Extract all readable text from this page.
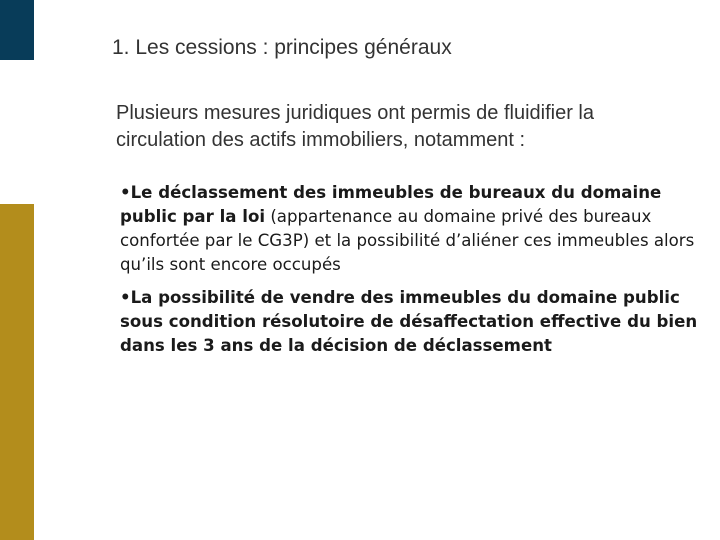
1. Les cessions : principes généraux
Plusieurs mesures juridiques ont permis de fluidifier la
circulation des actifs immobiliers, notamment :
•Le déclassement des immeubles de bureaux du domaine
public par la loi (appartenance au domaine privé des bureaux
confortée par le CG3P) et la possibilité d’aliéner ces immeubles alors
qu’ils sont encore occupés
•La possibilité de vendre des immeubles du domaine public
sous condition résolutoire de désaffectation effective du bien
dans les 3 ans de la décision de déclassement
